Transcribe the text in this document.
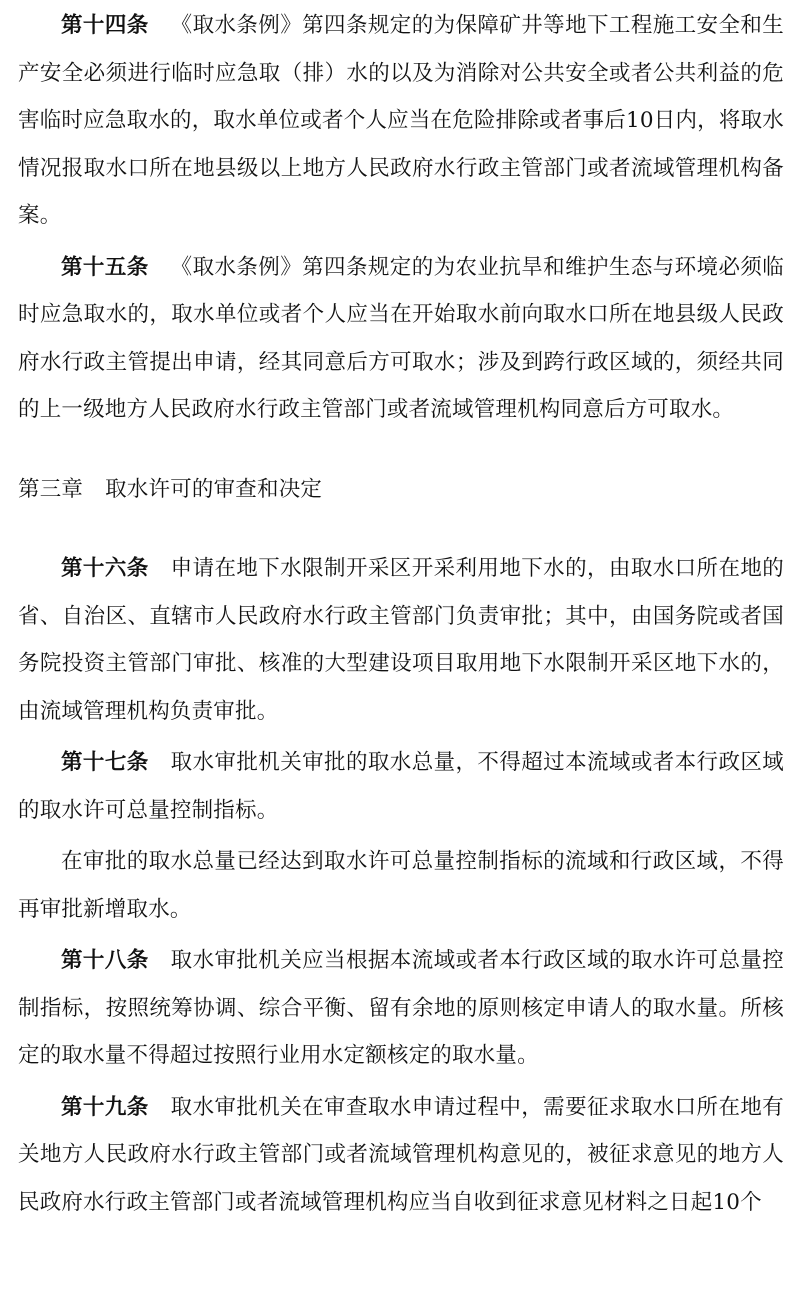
第十四条 《取水条例》第四条规定的为保障矿井等地下工程施工安全和生产安全必须进行临时应急取（排）水的以及为消除对公共安全或者公共利益的危害临时应急取水的，取水单位或者个人应当在危险排除或者事后10日内，将取水情况报取水口所在地县级以上地方人民政府水行政主管部门或者流域管理机构备案。

第十五条 《取水条例》第四条规定的为农业抗旱和维护生态与环境必须临时应急取水的，取水单位或者个人应当在开始取水前向取水口所在地县级人民政府水行政主管提出申请，经其同意后方可取水；涉及到跨行政区域的，须经共同的上一级地方人民政府水行政主管部门或者流域管理机构同意后方可取水。

第三章 取水许可的审查和决定

第十六条 申请在地下水限制开采区开采利用地下水的，由取水口所在地的省、自治区、直辖市人民政府水行政主管部门负责审批；其中，由国务院或者国务院投资主管部门审批、核准的大型建设项目取用地下水限制开采区地下水的，由流域管理机构负责审批。

第十七条 取水审批机关审批的取水总量，不得超过本流域或者本行政区域的取水许可总量控制指标。

在审批的取水总量已经达到取水许可总量控制指标的流域和行政区域，不得再审批新增取水。

第十八条 取水审批机关应当根据本流域或者本行政区域的取水许可总量控制指标，按照统筹协调、综合平衡、留有余地的原则核定申请人的取水量。所核定的取水量不得超过按照行业用水定额核定的取水量。

第十九条 取水审批机关在审查取水申请过程中，需要征求取水口所在地有关地方人民政府水行政主管部门或者流域管理机构意见的，被征求意见的地方人民政府水行政主管部门或者流域管理机构应当自收到征求意见材料之日起10个
